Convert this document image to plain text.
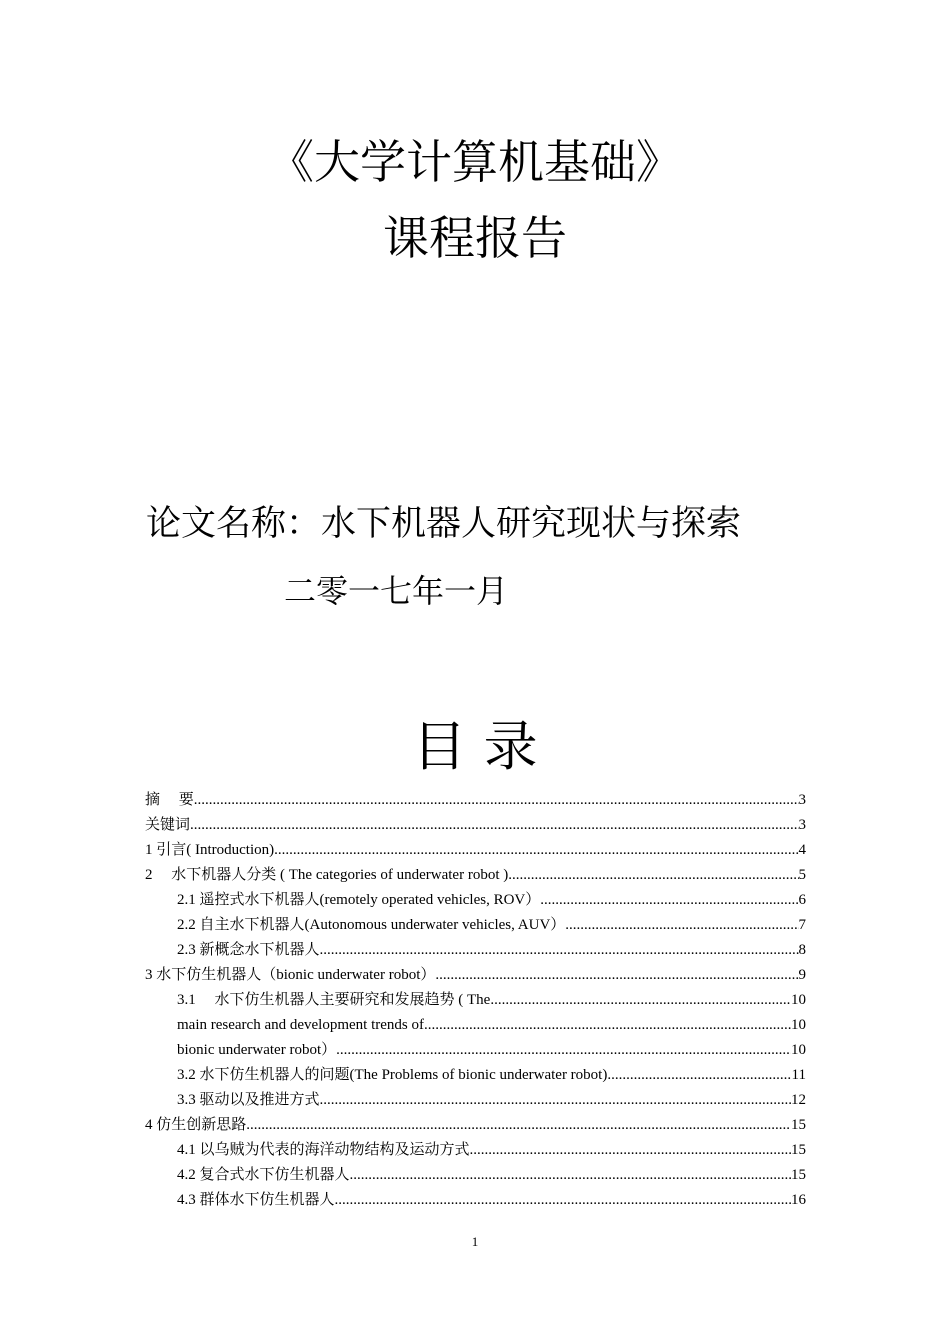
《大学计算机基础》
课程报告
论文名称：水下机器人研究现状与探索
二零一七年一月
目 录
摘　 要 .....	3
关键词 .....	3
1 引言( Introduction) .....	4
2　 水下机器人分类 ( The categories of underwater robot ) .....	5
2.1 遥控式水下机器人(remotely operated vehicles, ROV） .....	6
2.2 自主水下机器人(Autonomous underwater vehicles, AUV） .....	7
2.3 新概念水下机器人 .....	8
3 水下仿生机器人（bionic underwater robot） .....	9
3.1　 水下仿生机器人主要研究和发展趋势 ( The .....	10
main research and development trends of .....	10
bionic underwater robot） .....	10
3.2 水下仿生机器人的问题(The Problems of bionic underwater robot) .....	11
3.3 驱动以及推进方式 .....	12
4 仿生创新思路 .....	15
4.1 以乌贼为代表的海洋动物结构及运动方式 .....	15
4.2 复合式水下仿生机器人 .....	15
4.3 群体水下仿生机器人 .....	16
1
